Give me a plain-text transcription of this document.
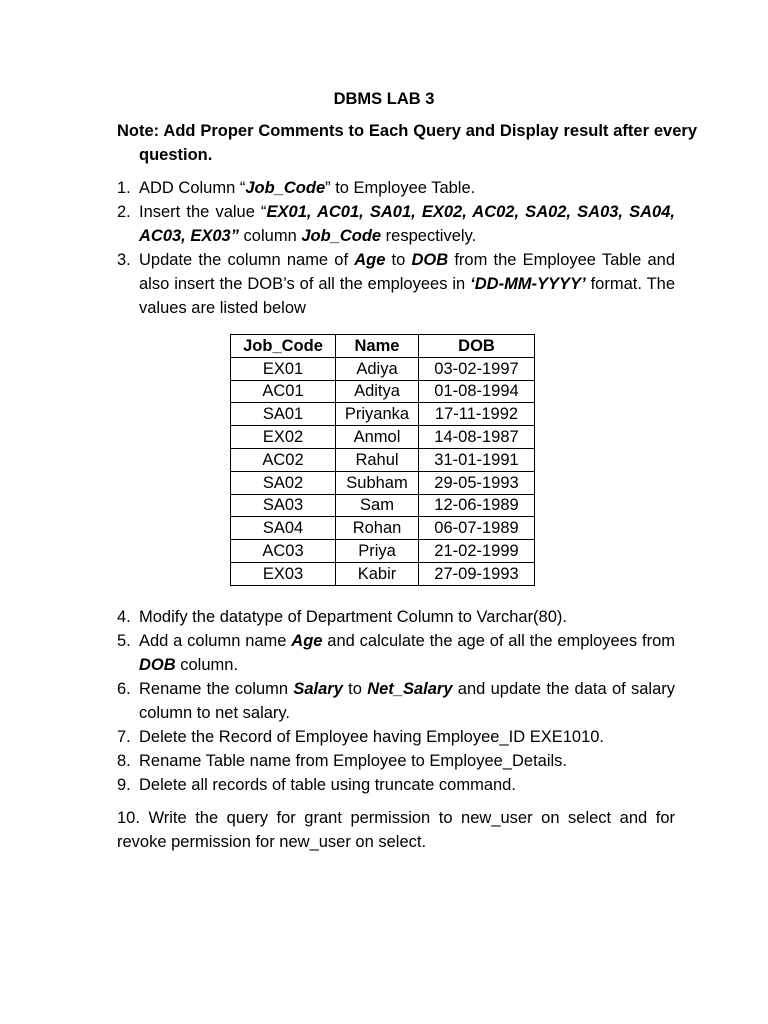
DBMS LAB 3
Note: Add Proper Comments to Each Query and Display result after every question.
1. ADD Column “Job_Code” to Employee Table.
2. Insert the value “EX01, AC01, SA01, EX02, AC02, SA02, SA03, SA04, AC03, EX03” column Job_Code respectively.
3. Update the column name of Age to DOB from the Employee Table and also insert the DOB’s of all the employees in ‘DD-MM-YYYY’ format. The values are listed below
Job_Code	Name	DOB
EX01	Adiya	03-02-1997
AC01	Aditya	01-08-1994
SA01	Priyanka	17-11-1992
EX02	Anmol	14-08-1987
AC02	Rahul	31-01-1991
SA02	Subham	29-05-1993
SA03	Sam	12-06-1989
SA04	Rohan	06-07-1989
AC03	Priya	21-02-1999
EX03	Kabir	27-09-1993
4. Modify the datatype of Department Column to Varchar(80).
5. Add a column name Age and calculate the age of all the employees from DOB column.
6. Rename the column Salary to Net_Salary and update the data of salary column to net salary.
7. Delete the Record of Employee having Employee_ID EXE1010.
8. Rename Table name from Employee to Employee_Details.
9. Delete all records of table using truncate command.
10. Write the query for grant permission to new_user on select and for revoke permission for new_user on select.
